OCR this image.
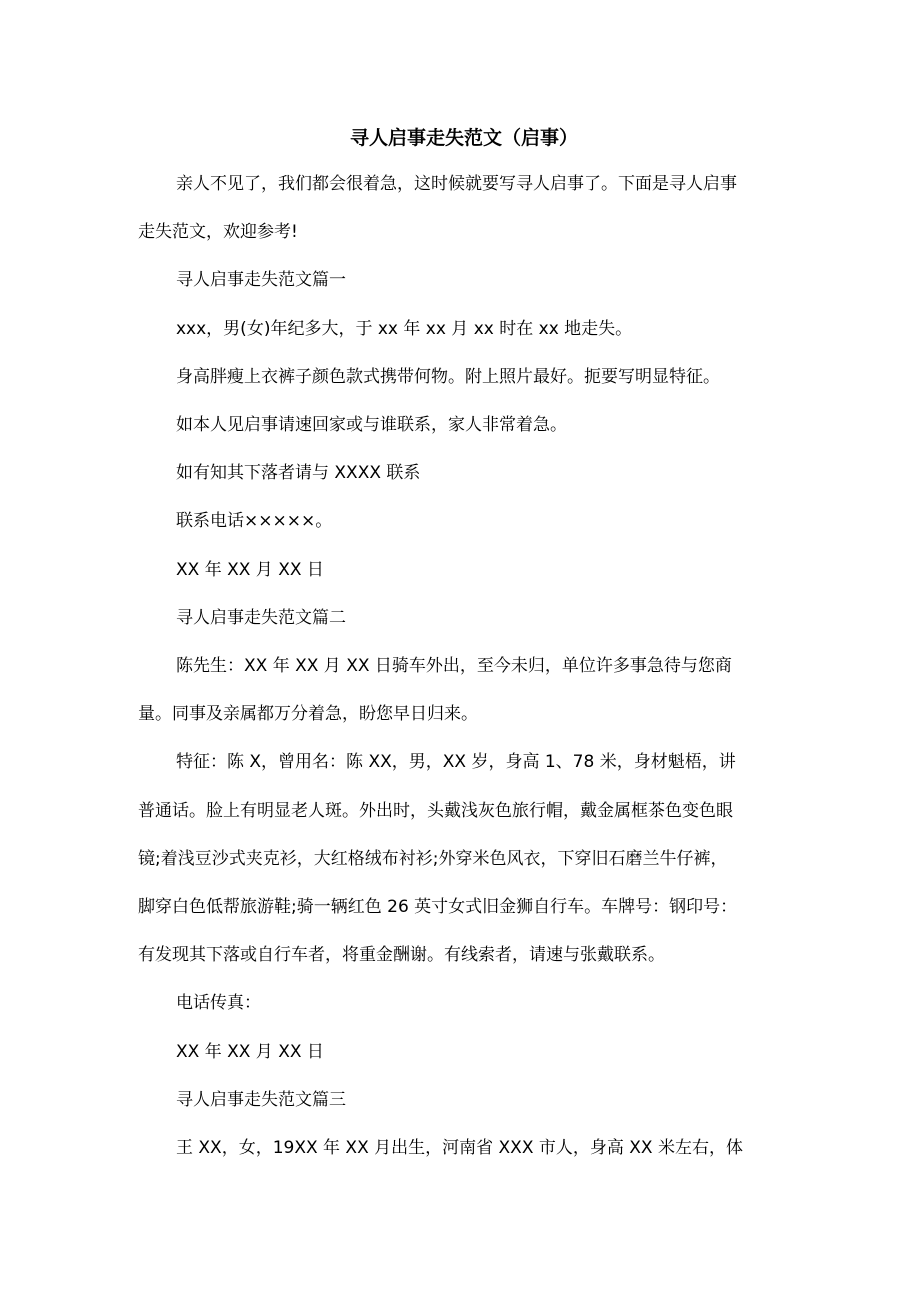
寻人启事走失范文（启事）

亲人不见了，我们都会很着急，这时候就要写寻人启事了。下面是寻人启事

走失范文，欢迎参考!

寻人启事走失范文篇一

xxx，男(女)年纪多大，于 xx 年 xx 月 xx 时在 xx 地走失。

身高胖瘦上衣裤子颜色款式携带何物。附上照片最好。扼要写明显特征。

如本人见启事请速回家或与谁联系，家人非常着急。

如有知其下落者请与 XXXX 联系

联系电话×××××。

XX 年 XX 月 XX 日

寻人启事走失范文篇二

陈先生：XX 年 XX 月 XX 日骑车外出，至今未归，单位许多事急待与您商

量。同事及亲属都万分着急，盼您早日归来。

特征：陈 X，曾用名：陈 XX，男，XX 岁，身高 1、78 米，身材魁梧，讲

普通话。脸上有明显老人斑。外出时，头戴浅灰色旅行帽，戴金属框茶色变色眼

镜;着浅豆沙式夹克衫，大红格绒布衬衫;外穿米色风衣，下穿旧石磨兰牛仔裤，

脚穿白色低帮旅游鞋;骑一辆红色 26 英寸女式旧金狮自行车。车牌号：钢印号：

有发现其下落或自行车者，将重金酬谢。有线索者，请速与张戴联系。

电话传真：

XX 年 XX 月 XX 日

寻人启事走失范文篇三

王 XX，女，19XX 年 XX 月出生，河南省 XXX 市人，身高 XX 米左右，体
